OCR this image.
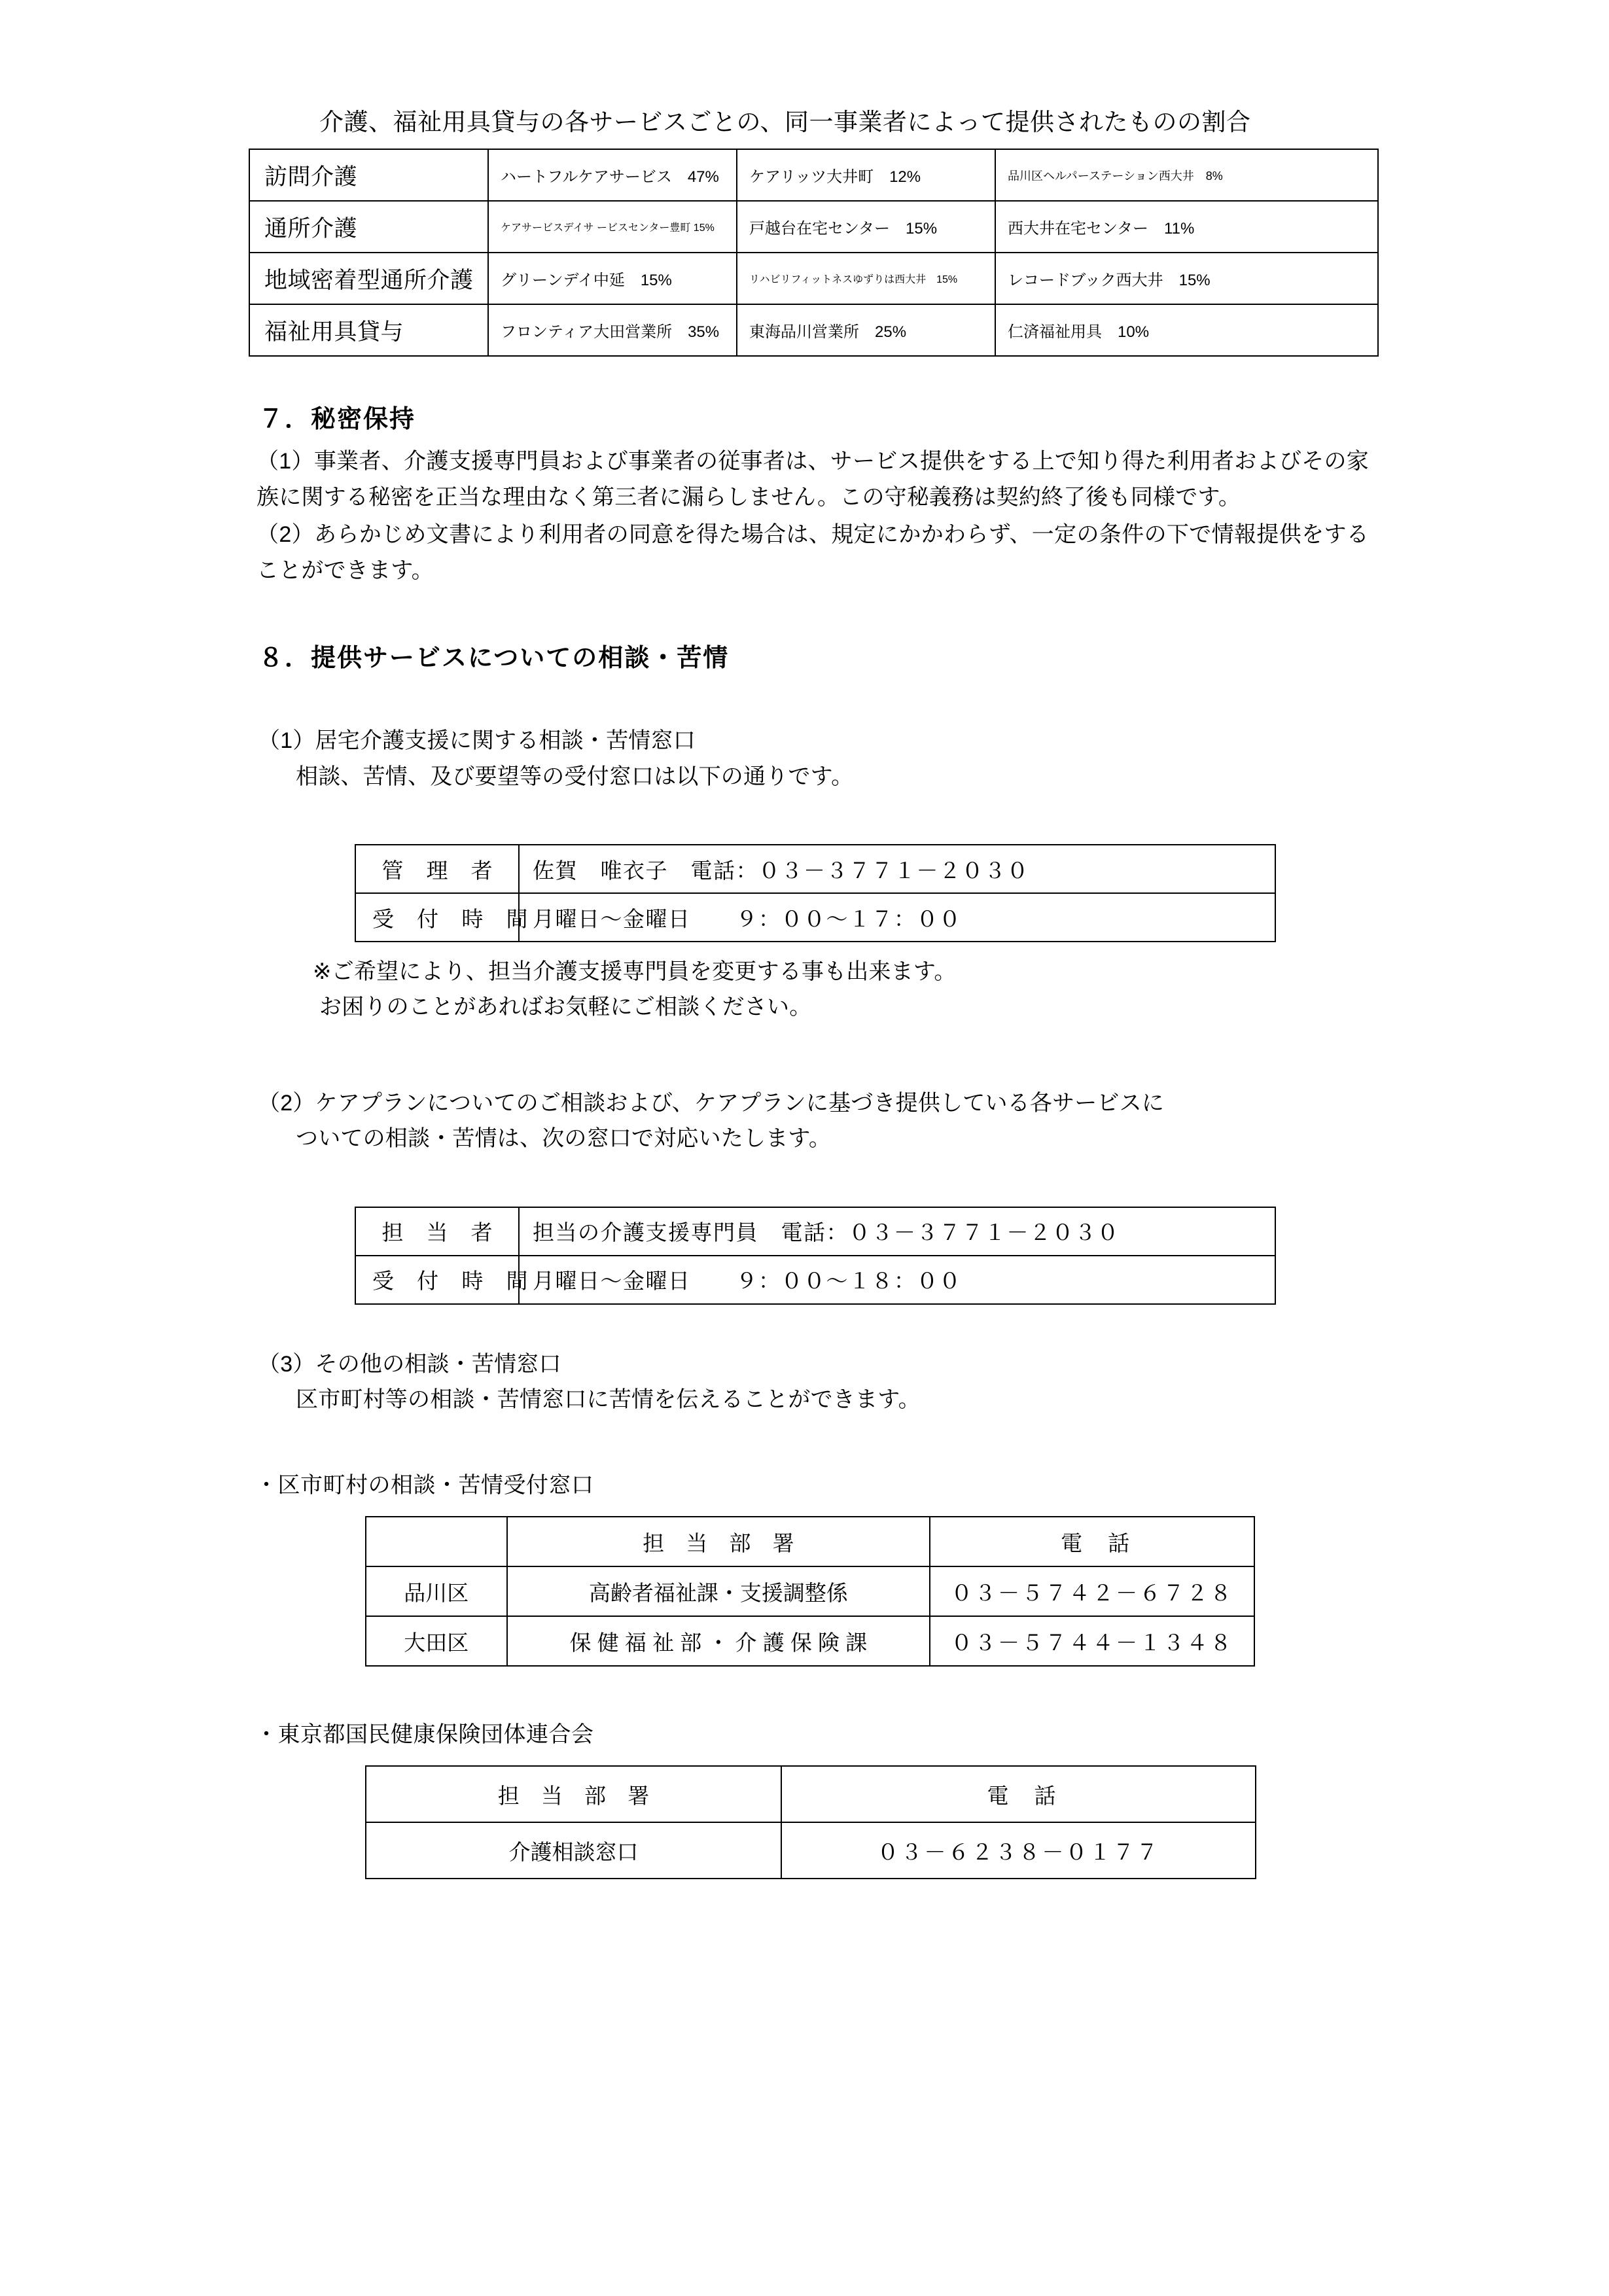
介護、福祉用具貸与の各サービスごとの、同一事業者によって提供されたものの割合
訪問介護	ハートフルケアサービス　47%	ケアリッツ大井町　12%	品川区ヘルパーステーション西大井　8%
通所介護	ケアサービスデイサ ービスセンター豊町 15%	戸越台在宅センター　15%	西大井在宅センター　11%
地域密着型通所介護	グリーンデイ中延　15%	リハビリフィットネスゆずりは西大井　15%	レコードブック西大井　15%
福祉用具貸与	フロンティア大田営業所　35%	東海品川営業所　25%	仁済福祉用具　10%
７．秘密保持
（1）事業者、介護支援専門員および事業者の従事者は、サービス提供をする上で知り得た利用者およびその家族に関する秘密を正当な理由なく第三者に漏らしません。この守秘義務は契約終了後も同様です。
（2）あらかじめ文書により利用者の同意を得た場合は、規定にかかわらず、一定の条件の下で情報提供をすることができます。
８．提供サービスについての相談・苦情
（1）居宅介護支援に関する相談・苦情窓口
相談、苦情、及び要望等の受付窓口は以下の通りです。
管 理 者	佐賀　唯衣子　電話：０３－３７７１－２０３０
受 付 時 間	月曜日～金曜日　　９：００～１７：００
※ご希望により、担当介護支援専門員を変更する事も出来ます。
お困りのことがあればお気軽にご相談ください。
（2）ケアプランについてのご相談および、ケアプランに基づき提供している各サービスに
ついての相談・苦情は、次の窓口で対応いたします。
担 当 者	担当の介護支援専門員　電話：０３－３７７１－２０３０
受 付 時 間	月曜日～金曜日　　９：００～１８：００
（3）その他の相談・苦情窓口
区市町村等の相談・苦情窓口に苦情を伝えることができます。
・区市町村の相談・苦情受付窓口
	担 当 部 署	電　話
品川区	高齢者福祉課・支援調整係	０３－５７４２－６７２８
大田区	保 健 福 祉 部 ・ 介 護 保 険 課	０３－５７４４－１３４８
・東京都国民健康保険団体連合会
担 当 部 署	電　話
介護相談窓口	０３－６２３８－０１７７
